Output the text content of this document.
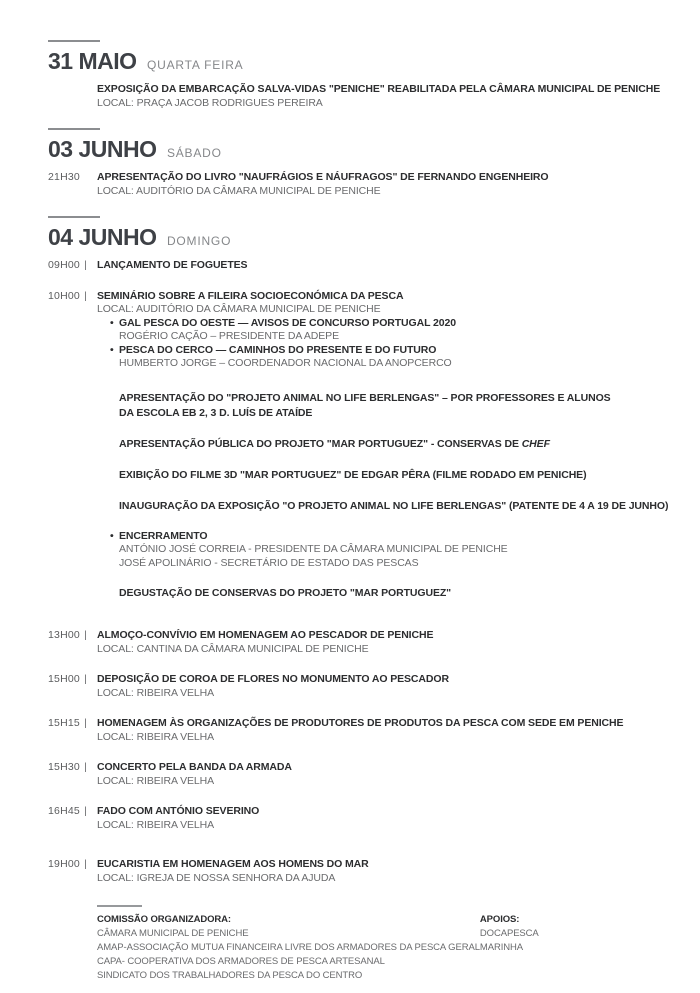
31 MAIO QUARTA FEIRA
EXPOSIÇÃO DA EMBARCAÇÃO SALVA-VIDAS "PENICHE" REABILITADA PELA CÂMARA MUNICIPAL DE PENICHE
LOCAL: PRAÇA JACOB RODRIGUES PEREIRA
03 JUNHO SÁBADO
21H30 APRESENTAÇÃO DO LIVRO "NAUFRÁGIOS E NÁUFRAGOS" DE FERNANDO ENGENHEIRO
LOCAL: AUDITÓRIO DA CÂMARA MUNICIPAL DE PENICHE
04 JUNHO DOMINGO
09H00 | LANÇAMENTO DE FOGUETES
10H00 | SEMINÁRIO SOBRE A FILEIRA SOCIOECONÓMICA DA PESCA
LOCAL: AUDITÓRIO DA CÂMARA MUNICIPAL DE PENICHE
• GAL PESCA DO OESTE — AVISOS DE CONCURSO PORTUGAL 2020
ROGÉRIO CAÇÃO – PRESIDENTE DA ADEPE
• PESCA DO CERCO — CAMINHOS DO PRESENTE E DO FUTURO
HUMBERTO JORGE – COORDENADOR NACIONAL DA ANOPCERCO
APRESENTAÇÃO DO "PROJETO ANIMAL NO LIFE BERLENGAS" – POR PROFESSORES E ALUNOS DA ESCOLA EB 2, 3 D. LUÍS DE ATAÍDE
APRESENTAÇÃO PÚBLICA DO PROJETO "MAR PORTUGUEZ" - CONSERVAS DE CHEF
EXIBIÇÃO DO FILME 3D "MAR PORTUGUEZ" DE EDGAR PÊRA (FILME RODADO EM PENICHE)
INAUGURAÇÃO DA EXPOSIÇÃO "O PROJETO ANIMAL NO LIFE BERLENGAS" (PATENTE DE 4 A 19 DE JUNHO)
• ENCERRAMENTO
ANTÓNIO JOSÉ CORREIA - PRESIDENTE DA CÂMARA MUNICIPAL DE PENICHE
JOSÉ APOLINÁRIO - SECRETÁRIO DE ESTADO DAS PESCAS
DEGUSTAÇÃO DE CONSERVAS DO PROJETO "MAR PORTUGUEZ"
13H00 | ALMOÇO-CONVÍVIO EM HOMENAGEM AO PESCADOR DE PENICHE
LOCAL: CANTINA DA CÂMARA MUNICIPAL DE PENICHE
15H00 | DEPOSIÇÃO DE COROA DE FLORES NO MONUMENTO AO PESCADOR
LOCAL: RIBEIRA VELHA
15H15 | HOMENAGEM ÀS ORGANIZAÇÕES DE PRODUTORES DE PRODUTOS DA PESCA COM SEDE EM PENICHE
LOCAL: RIBEIRA VELHA
15H30 | CONCERTO PELA BANDA DA ARMADA
LOCAL: RIBEIRA VELHA
16H45 | FADO COM ANTÓNIO SEVERINO
LOCAL: RIBEIRA VELHA
19H00 | EUCARISTIA EM HOMENAGEM AOS HOMENS DO MAR
LOCAL: IGREJA DE NOSSA SENHORA DA AJUDA
COMISSÃO ORGANIZADORA:
CÂMARA MUNICIPAL DE PENICHE
AMAP-ASSOCIAÇÃO MUTUA FINANCEIRA LIVRE DOS ARMADORES DA PESCA GERAL
CAPA- COOPERATIVA DOS ARMADORES DE PESCA ARTESANAL
SINDICATO DOS TRABALHADORES DA PESCA DO CENTRO
APOIOS:
DOCAPESCA
MARINHA
